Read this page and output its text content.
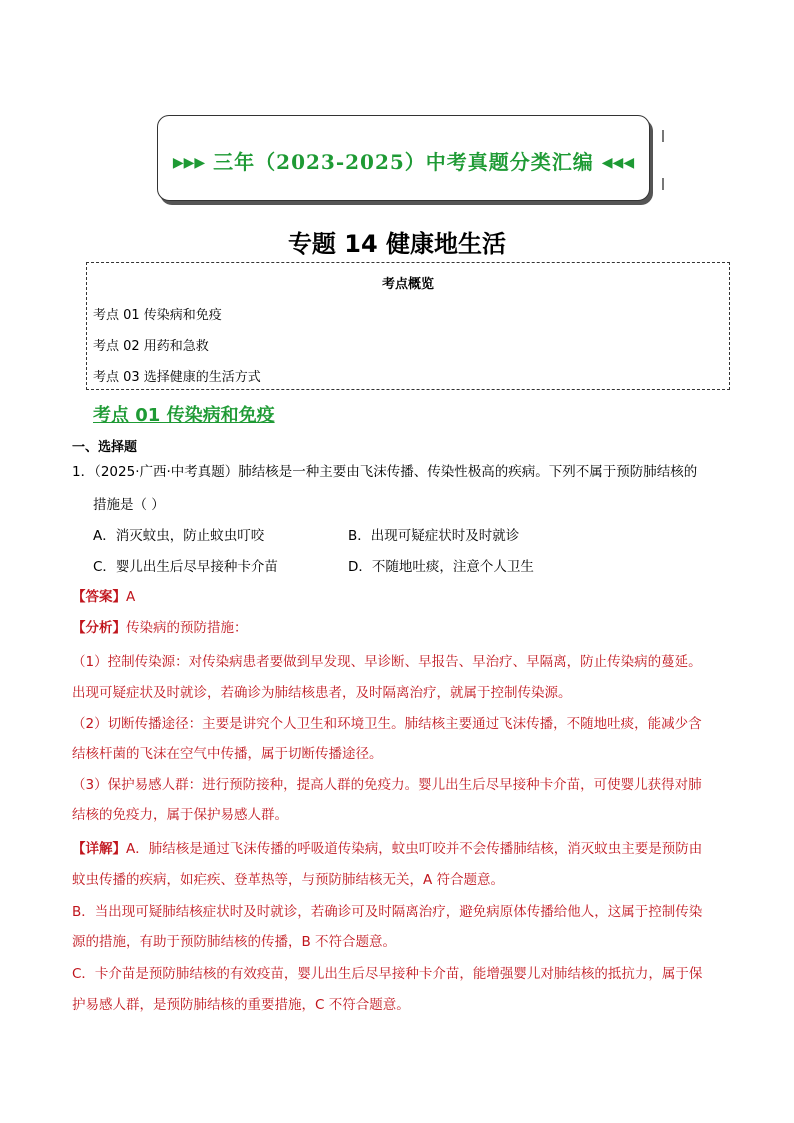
▶▶▶ 三年（2023-2025）中考真题分类汇编 ◀◀◀
专题 14 健康地生活
考点概览
考点 01 传染病和免疫
考点 02 用药和急救
考点 03 选择健康的生活方式
考点 01 传染病和免疫
一、选择题
1．（2025·广西·中考真题）肺结核是一种主要由飞沫传播、传染性极高的疾病。下列不属于预防肺结核的
措施是（ ）
A．消灭蚊虫，防止蚊虫叮咬	B．出现可疑症状时及时就诊
C．婴儿出生后尽早接种卡介苗	D．不随地吐痰，注意个人卫生
【答案】A
【分析】传染病的预防措施：
（1）控制传染源：对传染病患者要做到早发现、早诊断、早报告、早治疗、早隔离，防止传染病的蔓延。
出现可疑症状及时就诊，若确诊为肺结核患者，及时隔离治疗，就属于控制传染源。
（2）切断传播途径：主要是讲究个人卫生和环境卫生。肺结核主要通过飞沫传播，不随地吐痰，能减少含
结核杆菌的飞沫在空气中传播，属于切断传播途径。
（3）保护易感人群：进行预防接种，提高人群的免疫力。婴儿出生后尽早接种卡介苗，可使婴儿获得对肺
结核的免疫力，属于保护易感人群。
【详解】A．肺结核是通过飞沫传播的呼吸道传染病，蚊虫叮咬并不会传播肺结核，消灭蚊虫主要是预防由
蚊虫传播的疾病，如疟疾、登革热等，与预防肺结核无关，A 符合题意。
B．当出现可疑肺结核症状时及时就诊，若确诊可及时隔离治疗，避免病原体传播给他人，这属于控制传染
源的措施，有助于预防肺结核的传播，B 不符合题意。
C．卡介苗是预防肺结核的有效疫苗，婴儿出生后尽早接种卡介苗，能增强婴儿对肺结核的抵抗力，属于保
护易感人群，是预防肺结核的重要措施，C 不符合题意。
